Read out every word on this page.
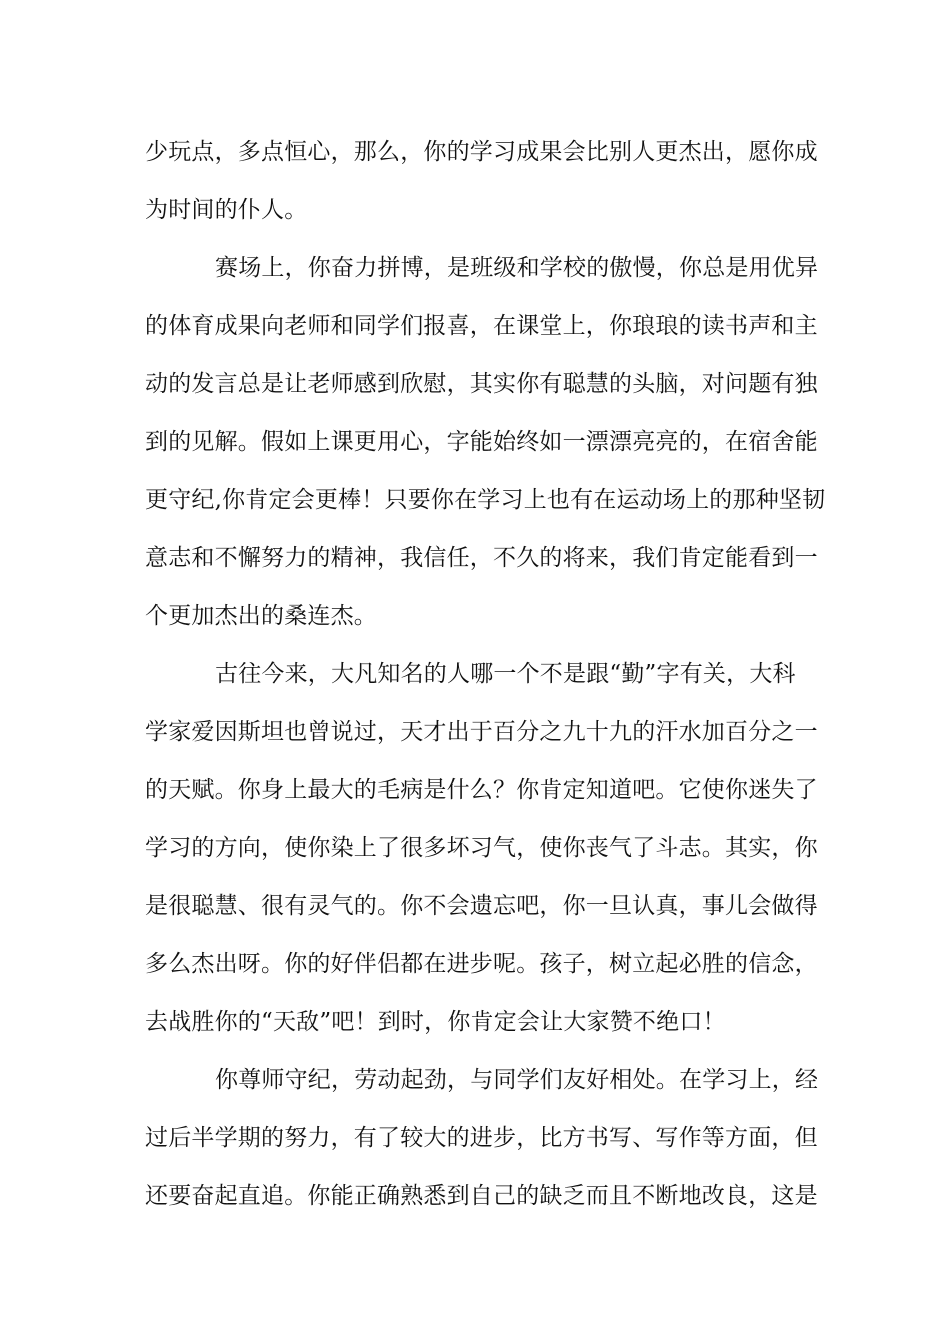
少玩点，多点恒心，那么，你的学习成果会比别人更杰出，愿你成
为时间的仆人。
赛场上，你奋力拼博，是班级和学校的傲慢，你总是用优异
的体育成果向老师和同学们报喜，在课堂上，你琅琅的读书声和主
动的发言总是让老师感到欣慰，其实你有聪慧的头脑，对问题有独
到的见解。假如上课更用心，字能始终如一漂漂亮亮的，在宿舍能
更守纪,你肯定会更棒！只要你在学习上也有在运动场上的那种坚韧
意志和不懈努力的精神，我信任，不久的将来，我们肯定能看到一
个更加杰出的桑连杰。
古往今来，大凡知名的人哪一个不是跟“勤”字有关，大科
学家爱因斯坦也曾说过，天才出于百分之九十九的汗水加百分之一
的天赋。你身上最大的毛病是什么？你肯定知道吧。它使你迷失了
学习的方向，使你染上了很多坏习气，使你丧气了斗志。其实，你
是很聪慧、很有灵气的。你不会遗忘吧，你一旦认真，事儿会做得
多么杰出呀。你的好伴侣都在进步呢。孩子，树立起必胜的信念，
去战胜你的“天敌”吧！到时，你肯定会让大家赞不绝口！
你尊师守纪，劳动起劲，与同学们友好相处。在学习上，经
过后半学期的努力，有了较大的进步，比方书写、写作等方面，但
还要奋起直追。你能正确熟悉到自己的缺乏而且不断地改良，这是
